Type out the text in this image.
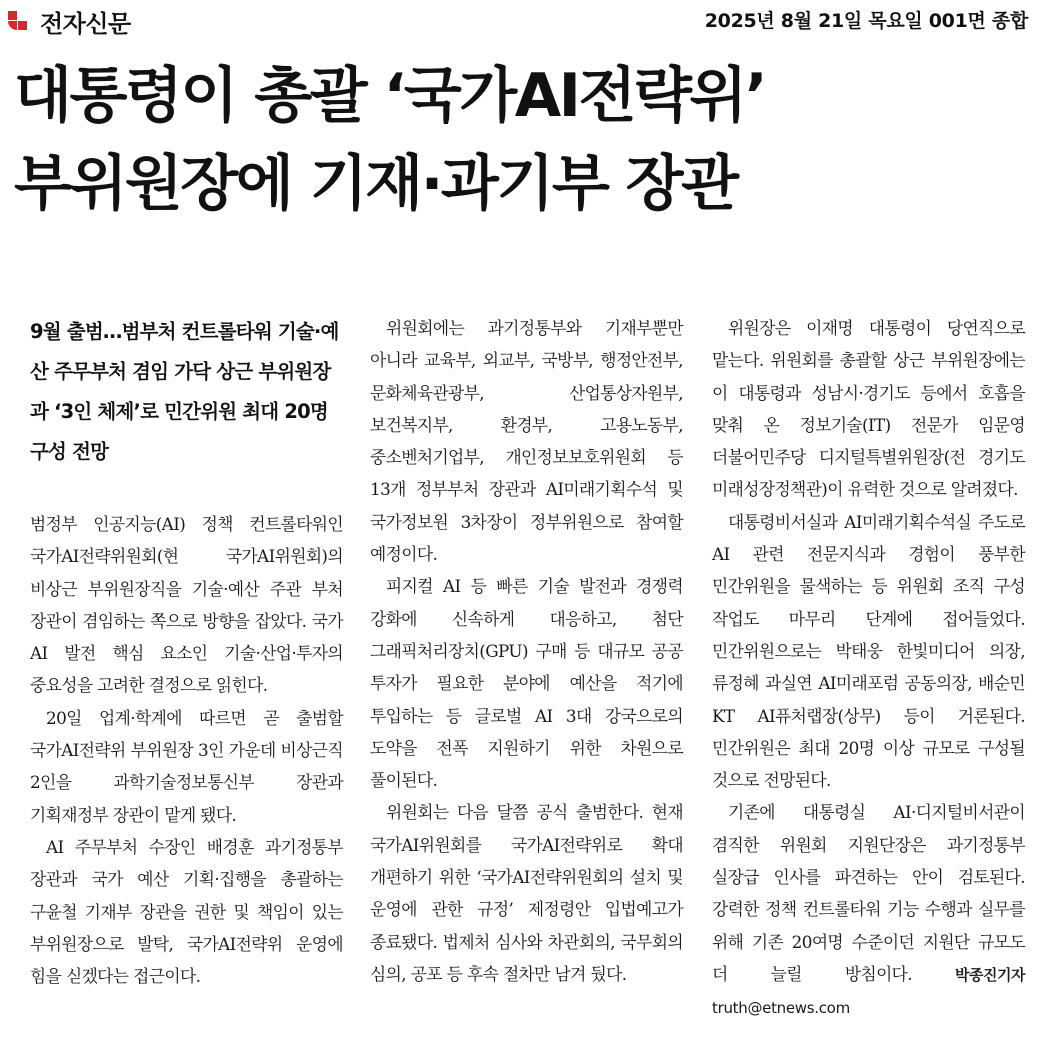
전자신문	2025년 8월 21일 목요일 001면 종합
대통령이 총괄 ‘국가AI전략위’
부위원장에 기재·과기부 장관
9월 출범…범부처 컨트롤타워 기술·예산 주무부처 겸임 가닥 상근 부위원장과 ‘3인 체제’로 민간위원 최대 20명 구성 전망

범정부 인공지능(AI) 정책 컨트롤타워인 국가AI전략위원회(현 국가AI위원회)의 비상근 부위원장직을 기술·예산 주관 부처 장관이 겸임하는 쪽으로 방향을 잡았다. 국가 AI 발전 핵심 요소인 기술·산업·투자의 중요성을 고려한 결정으로 읽힌다.

20일 업계·학계에 따르면 곧 출범할 국가AI전략위 부위원장 3인 가운데 비상근직 2인을 과학기술정보통신부 장관과 기획재정부 장관이 맡게 됐다.

AI 주무부처 수장인 배경훈 과기정통부 장관과 국가 예산 기획·집행을 총괄하는 구윤철 기재부 장관을 권한 및 책임이 있는 부위원장으로 발탁, 국가AI전략위 운영에 힘을 싣겠다는 접근이다.

위원회에는 과기정통부와 기재부뿐만 아니라 교육부, 외교부, 국방부, 행정안전부, 문화체육관광부, 산업통상자원부, 보건복지부, 환경부, 고용노동부, 중소벤처기업부, 개인정보보호위원회 등 13개 정부부처 장관과 AI미래기획수석 및 국가정보원 3차장이 정부위원으로 참여할 예정이다.

피지컬 AI 등 빠른 기술 발전과 경쟁력 강화에 신속하게 대응하고, 첨단 그래픽처리장치(GPU) 구매 등 대규모 공공 투자가 필요한 분야에 예산을 적기에 투입하는 등 글로벌 AI 3대 강국으로의 도약을 전폭 지원하기 위한 차원으로 풀이된다.

위원회는 다음 달쯤 공식 출범한다. 현재 국가AI위원회를 국가AI전략위로 확대 개편하기 위한 ‘국가AI전략위원회의 설치 및 운영에 관한 규정’ 제정령안 입법예고가 종료됐다. 법제처 심사와 차관회의, 국무회의 심의, 공포 등 후속 절차만 남겨 뒀다.

위원장은 이재명 대통령이 당연직으로 맡는다. 위원회를 총괄할 상근 부위원장에는 이 대통령과 성남시·경기도 등에서 호흡을 맞춰 온 정보기술(IT) 전문가 임문영 더불어민주당 디지털특별위원장(전 경기도 미래성장정책관)이 유력한 것으로 알려졌다.

대통령비서실과 AI미래기획수석실 주도로 AI 관련 전문지식과 경험이 풍부한 민간위원을 물색하는 등 위원회 조직 구성 작업도 마무리 단계에 접어들었다. 민간위원으로는 박태웅 한빛미디어 의장, 류정혜 과실연 AI미래포럼 공동의장, 배순민 KT AI퓨처랩장(상무) 등이 거론된다. 민간위원은 최대 20명 이상 규모로 구성될 것으로 전망된다.

기존에 대통령실 AI·디지털비서관이 겸직한 위원회 지원단장은 과기정통부 실장급 인사를 파견하는 안이 검토된다. 강력한 정책 컨트롤타워 기능 수행과 실무를 위해 기존 20여명 수준이던 지원단 규모도 더 늘릴 방침이다.	박종진기자 truth@etnews.com
